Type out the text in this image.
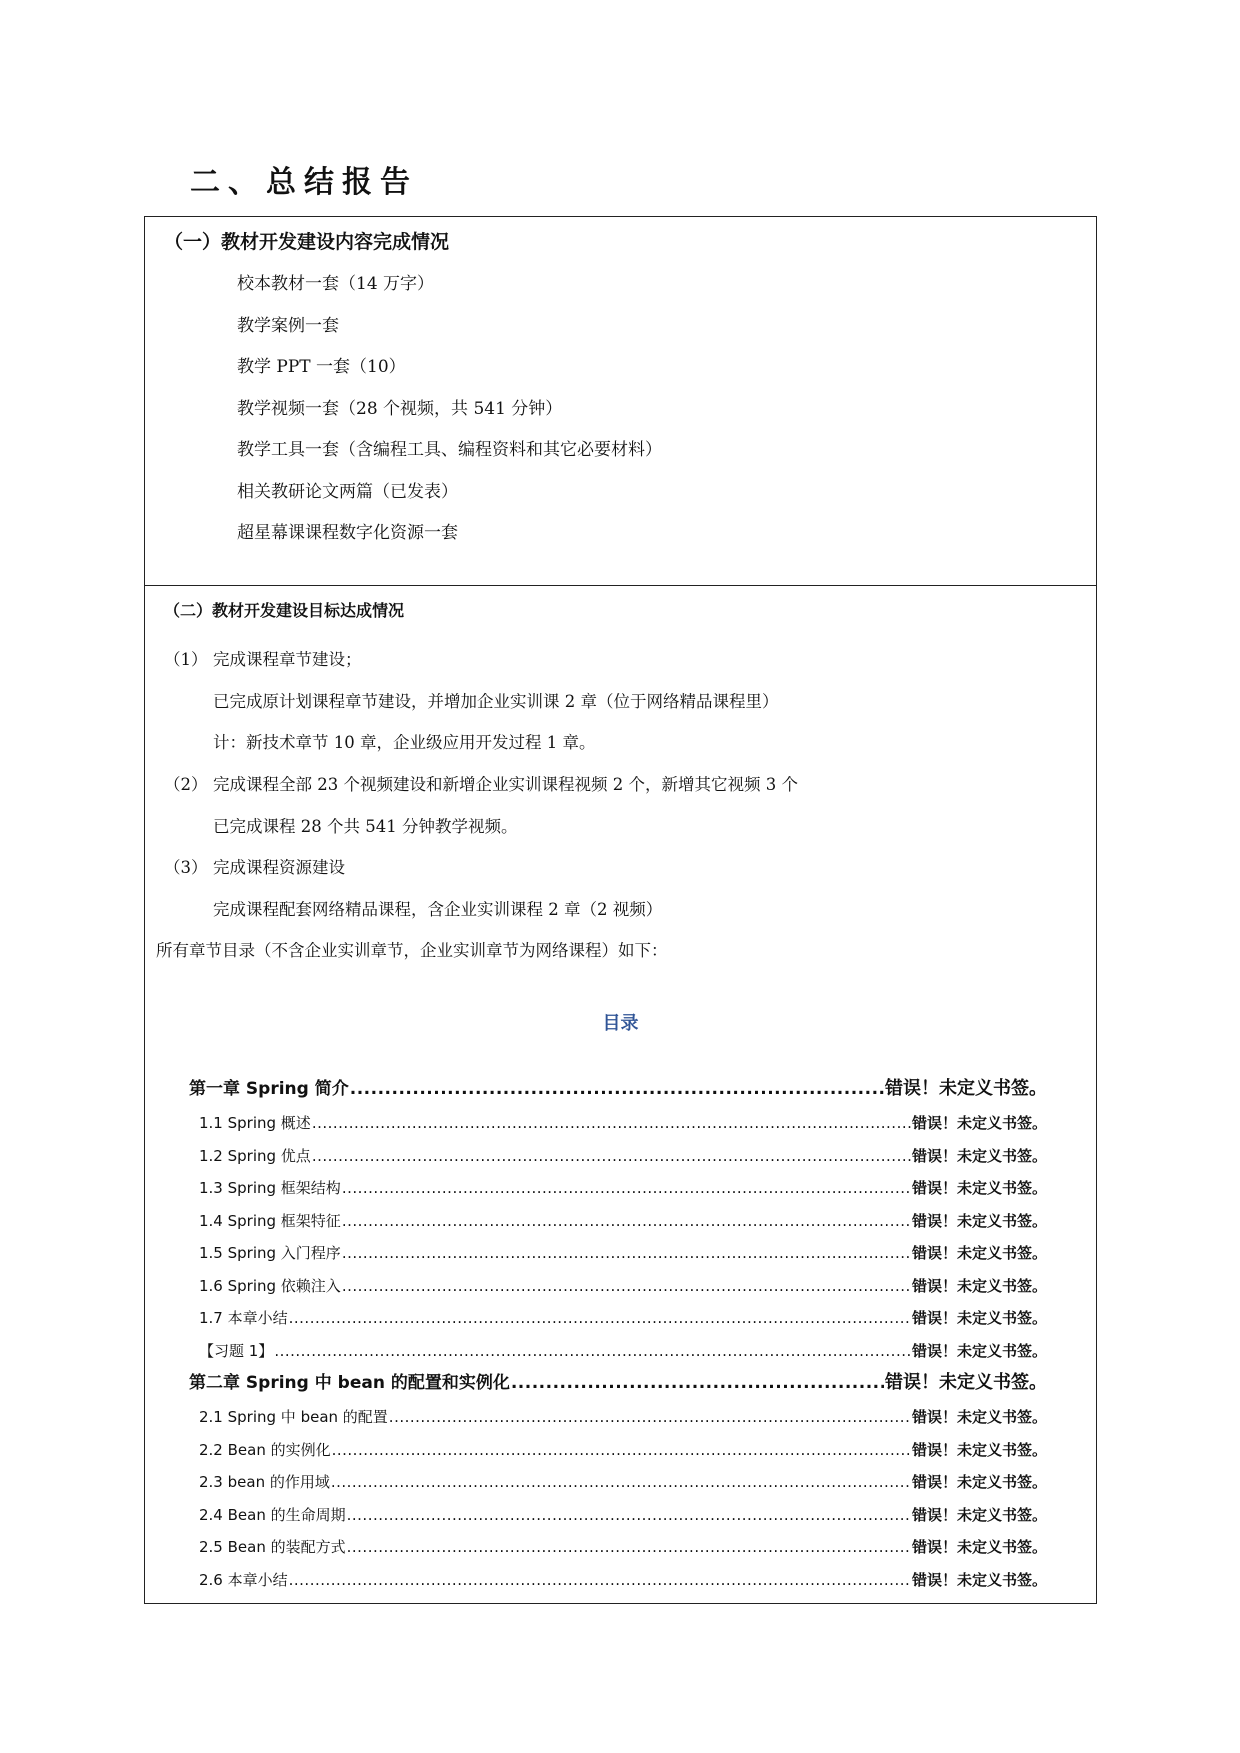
二、总结报告
（一）教材开发建设内容完成情况
校本教材一套（14 万字）
教学案例一套
教学 PPT 一套（10）
教学视频一套（28 个视频，共 541 分钟）
教学工具一套（含编程工具、编程资料和其它必要材料）
相关教研论文两篇（已发表）
超星幕课课程数字化资源一套
（二）教材开发建设目标达成情况
（1） 完成课程章节建设；
已完成原计划课程章节建设，并增加企业实训课 2 章（位于网络精品课程里）
计：新技术章节 10 章，企业级应用开发过程 1 章。
（2） 完成课程全部 23 个视频建设和新增企业实训课程视频 2 个，新增其它视频 3 个
已完成课程 28 个共 541 分钟教学视频。
（3） 完成课程资源建设
完成课程配套网络精品课程，含企业实训课程 2 章（2 视频）
所有章节目录（不含企业实训章节，企业实训章节为网络课程）如下：
目录
第一章 Spring 简介 .....	错误！未定义书签。
1.1 Spring 概述 .....	错误！未定义书签。
1.2 Spring 优点 .....	错误！未定义书签。
1.3 Spring 框架结构 .....	错误！未定义书签。
1.4 Spring 框架特征 .....	错误！未定义书签。
1.5 Spring 入门程序 .....	错误！未定义书签。
1.6 Spring 依赖注入 .....	错误！未定义书签。
1.7 本章小结 .....	错误！未定义书签。
【习题 1】 .....	错误！未定义书签。
第二章 Spring 中 bean 的配置和实例化 .....	错误！未定义书签。
2.1 Spring 中 bean 的配置 .....	错误！未定义书签。
2.2 Bean 的实例化 .....	错误！未定义书签。
2.3 bean 的作用域 .....	错误！未定义书签。
2.4 Bean 的生命周期 .....	错误！未定义书签。
2.5 Bean 的装配方式 .....	错误！未定义书签。
2.6 本章小结 .....	错误！未定义书签。
